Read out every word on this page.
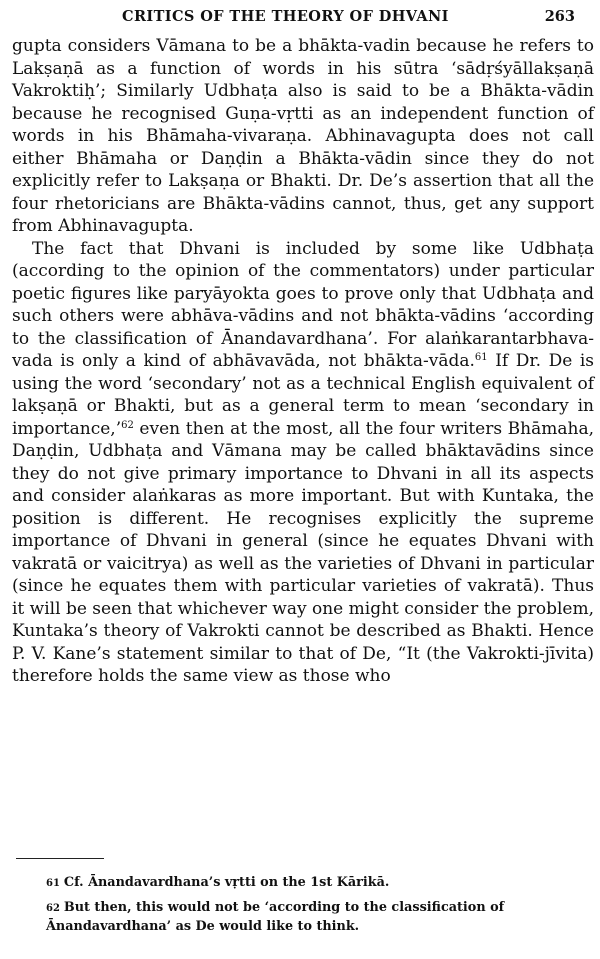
CRITICS OF THE THEORY OF DHVANI	263

gupta considers Vāmana to be a bhākta-vadin because he refers to Lakṣaṇā as a function of words in his sūtra ‘sādṛśyāllakṣaṇā Vakroktiḥ’; Similarly Udbhaṭa also is said to be a Bhākta-vādin because he recognised Guṇa-vṛtti as an independent function of words in his Bhāmaha-vivaraṇa. Abhinavagupta does not call either Bhāmaha or Daṇḍin a Bhākta-vādin since they do not explicitly refer to Lakṣaṇa or Bhakti. Dr. De’s assertion that all the four rhetoricians are Bhākta-vādins cannot, thus, get any support from Abhinavagupta.

The fact that Dhvani is included by some like Udbhaṭa (according to the opinion of the commentators) under particular poetic figures like paryāyokta goes to prove only that Udbhaṭa and such others were abhāva-vādins and not bhākta-vādins ‘according to the classification of Ānandavardhana’. For alaṅkarantarbhava-vada is only a kind of abhāvavāda, not bhākta-vāda.$^{61}$ If Dr. De is using the word ‘secondary’ not as a technical English equivalent of lakṣaṇā or Bhakti, but as a general term to mean ‘secondary in importance,’$^{62}$ even then at the most, all the four writers Bhāmaha, Daṇḍin, Udbhaṭa and Vāmana may be called bhāktavādins since they do not give primary importance to Dhvani in all its aspects and consider alaṅkaras as more important. But with Kuntaka, the position is different. He recognises explicitly the supreme importance of Dhvani in general (since he equates Dhvani with vakratā or vaicitrya) as well as the varieties of Dhvani in particular (since he equates them with particular varieties of vakratā). Thus it will be seen that whichever way one might consider the problem, Kuntaka’s theory of Vakrokti cannot be described as Bhakti. Hence P. V. Kane’s statement similar to that of De, “It (the Vakrokti-jīvita) therefore holds the same view as those who

61 Cf. Ānandavardhana’s vṛtti on the 1st Kārikā.

62 But then, this would not be ‘according to the classification of Ānandavardhana’ as De would like to think.
